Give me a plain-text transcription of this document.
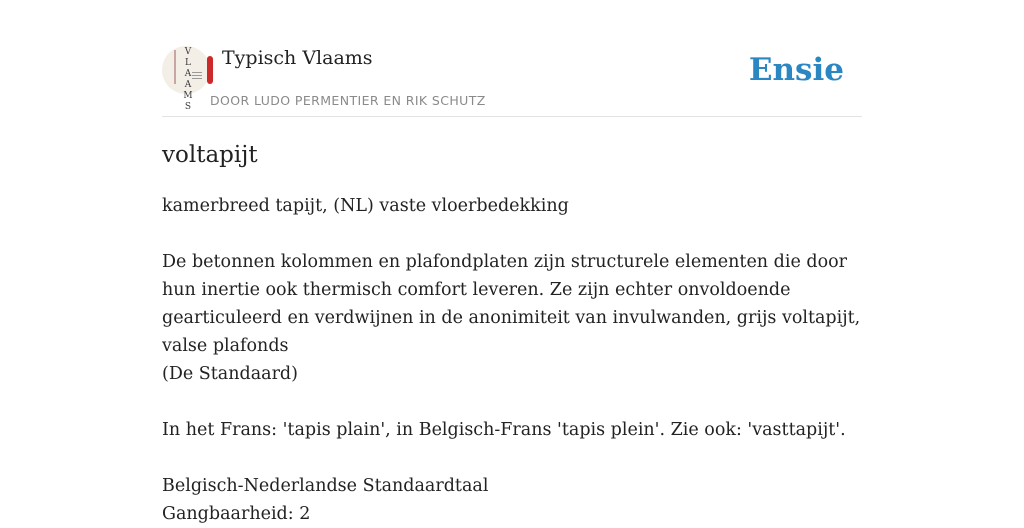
V
L
A
A
M
S
Typisch Vlaams
DOOR LUDO PERMENTIER EN RIK SCHUTZ
Ensie
voltapijt

kamerbreed tapijt, (NL) vaste vloerbedekking

De betonnen kolommen en plafondplaten zijn structurele elementen die door

hun inertie ook thermisch comfort leveren. Ze zijn echter onvoldoende

gearticuleerd en verdwijnen in de anonimiteit van invulwanden, grijs voltapijt,

valse plafonds

(De Standaard)

In het Frans: 'tapis plain', in Belgisch-Frans 'tapis plein'. Zie ook: 'vasttapijt'.

Belgisch-Nederlandse Standaardtaal

Gangbaarheid: 2
